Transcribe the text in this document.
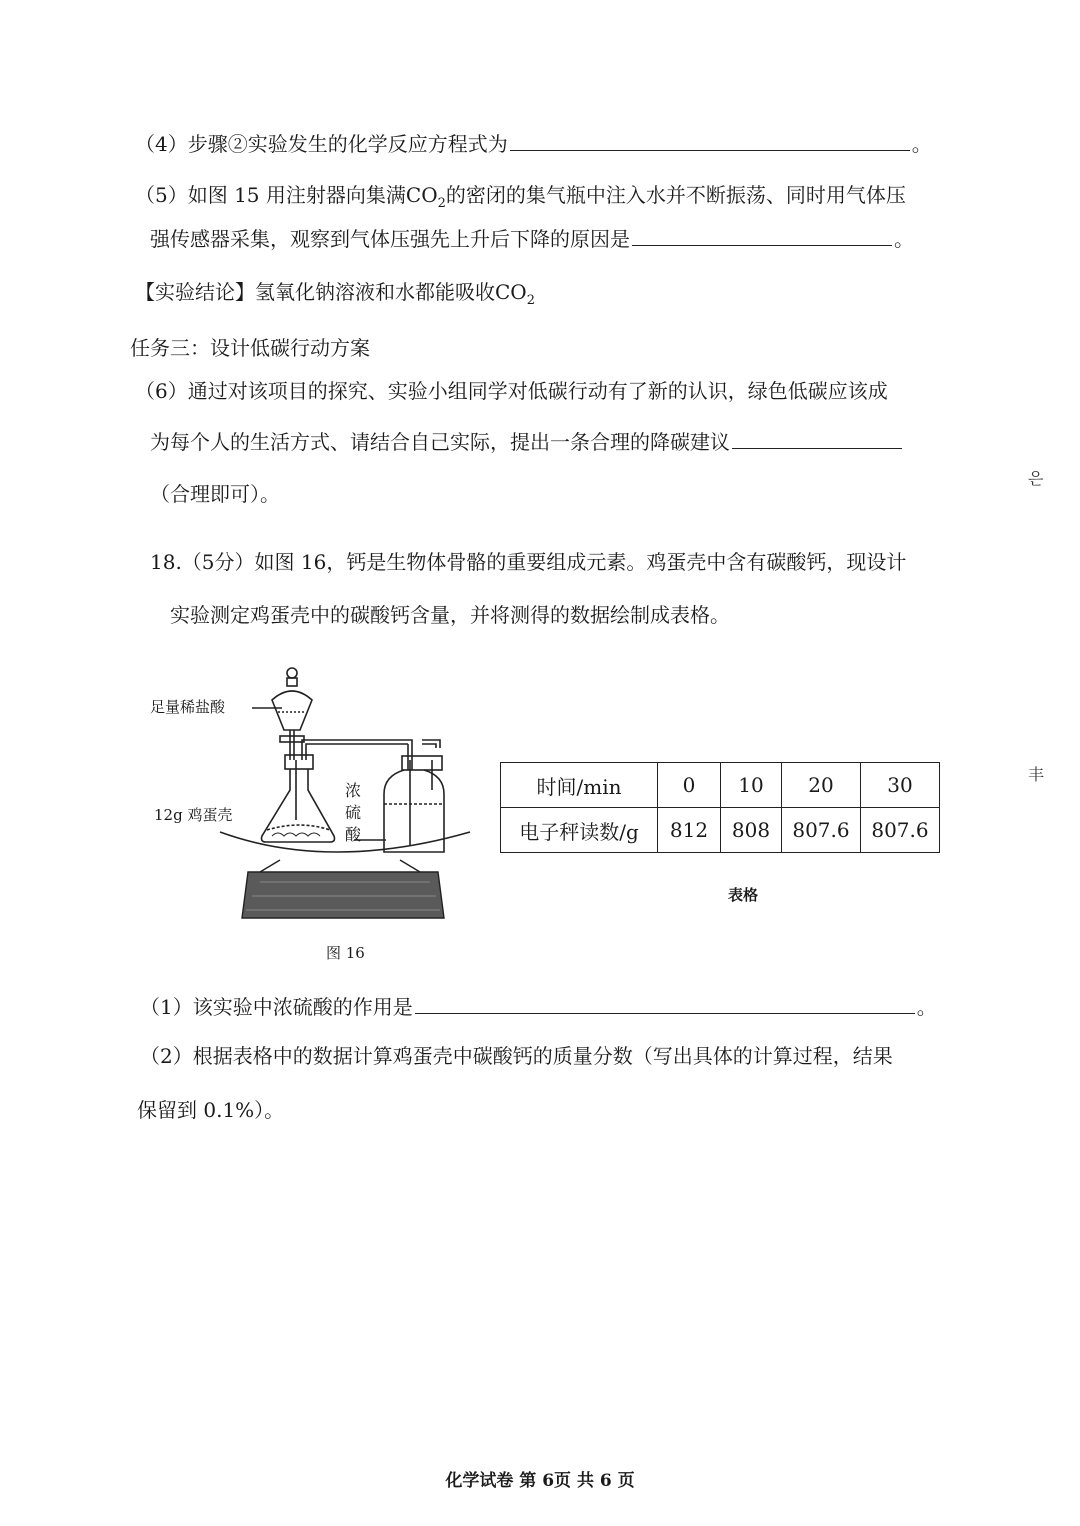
（4）步骤②实验发生的化学反应方程式为	。
（5）如图 15 用注射器向集满$CO_2$的密闭的集气瓶中注入水并不断振荡、同时用气体压
强传感器采集，观察到气体压强先上升后下降的原因是	。
【实验结论】氢氧化钠溶液和水都能吸收$CO_2$
任务三：设计低碳行动方案
（6）通过对该项目的探究、实验小组同学对低碳行动有了新的认识，绿色低碳应该成
为每个人的生活方式、请结合自己实际，提出一条合理的降碳建议
（合理即可）。
18.（5分）如图 16，钙是生物体骨骼的重要组成元素。鸡蛋壳中含有碳酸钙，现设计
实验测定鸡蛋壳中的碳酸钙含量，并将测得的数据绘制成表格。
足量稀盐酸
12g 鸡蛋壳
浓
硫
酸
图 16
时间/min	0	10	20	30
电子秤读数/g	812	808	807.6	807.6
表格
（1）该实验中浓硫酸的作用是	。
（2）根据表格中的数据计算鸡蛋壳中碳酸钙的质量分数（写出具体的计算过程，结果
保留到 0.1%）。
은
丰
化学试卷 第 6页 共 6 页
